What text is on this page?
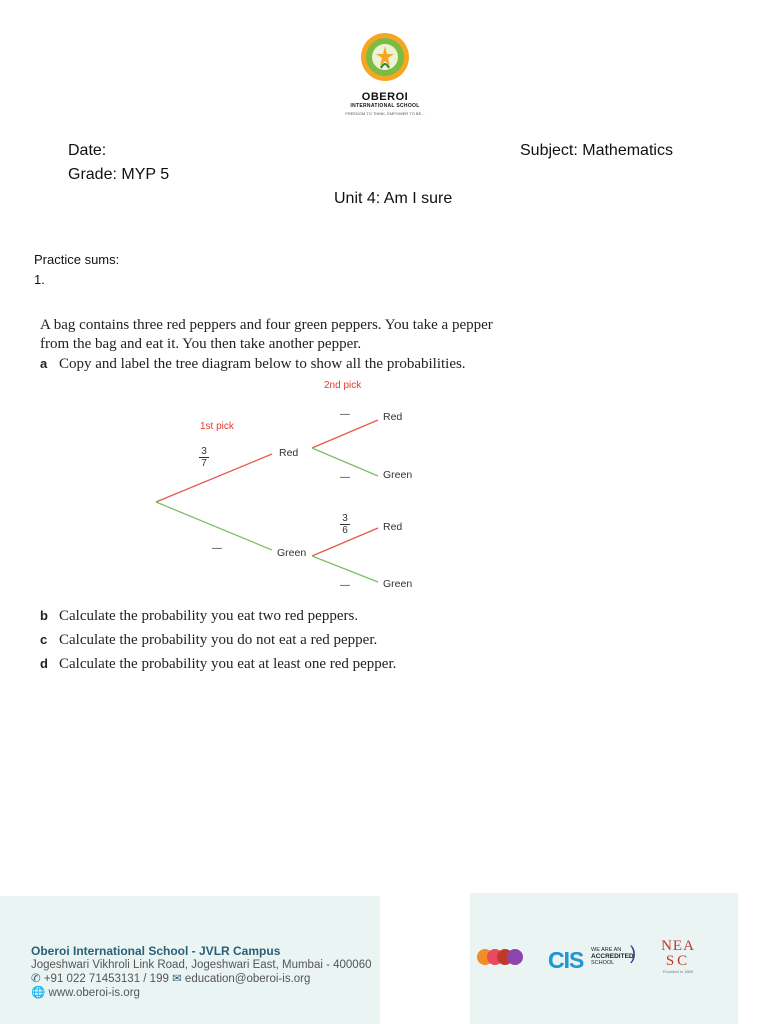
OBEROI
INTERNATIONAL SCHOOL
FREEDOM TO THINK, EMPOWER TO BE...
Date:	Subject: Mathematics
Grade: MYP 5
Unit 4: Am I sure
Practice sums:
1.
A bag contains three red peppers and four green peppers. You take a pepper
from the bag and eat it. You then take another pepper.
a Copy and label the tree diagram below to show all the probabilities.
2nd pick
1st pick
3
7
Red
Green
—	Red
—	Green
3
6	Red
—	Green
—
b Calculate the probability you eat two red peppers.
c Calculate the probability you do not eat a red pepper.
d Calculate the probability you eat at least one red pepper.
Oberoi International School - JVLR Campus
Jogeshwari Vikhroli Link Road, Jogeshwari East, Mumbai - 400060
✆ +91 022 71453131 / 199 ✉ education@oberoi-is.org
🌐 www.oberoi-is.org
CIS WE ARE AN
ACCREDITED
SCHOOL ) NEA
SC
Founded in 1885
